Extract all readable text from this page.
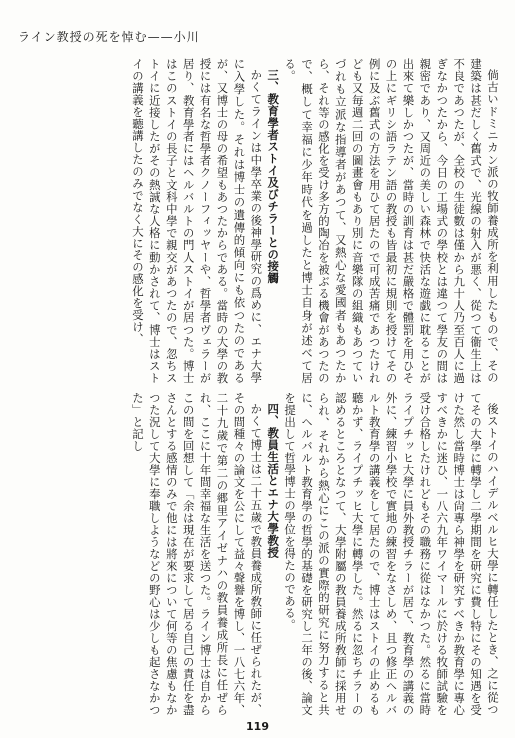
ライン教授の死を悼む——小川

倘古いドミニカン派の牧師養成所を利用したもので、その建築は甚だしく舊式で、光線の射入が悪く、從つて衞生上は不良であつたが、全校の生徒數は僅から九十人乃至百人に過ぎなかつたから、今日の工場式の學校とは違つて學友の間は親密であり、又周近の美しい森林で快活な遊戯に耽ることが出來て樂しかつたが、當時の訓育は甚だ嚴格で體罰を用ひその上にギリシ語ラテン語の教授も皆最初に規則を授けてその例に及ぶ舊式の方法を用ひて居たので可成苦痛であつたけれども又毎週二回の圖畫會もあり別に音樂隊の組織もあつていづれも立派な指導者があつて、又熱心な愛國者もあつたから、それ等の感化を受け多方的陶冶を被ぶる機會があつたので、概して幸福に少年時代を過したと博士自身が述べて居る。

三、教育學者ストイ及びチラーとの接觸

かくてラインは中學卒業の後神學研究の爲めに、エナ大學に入學した。それは博士の遺傳的傾向にも依つたのであるが、又博士の母の希望もあつたからである。當時の大學の教授には有名な哲學者クノーフィッヤーや、哲學者ヴェラーが居り、教育學者にはヘルバルトの門人ストイが居つた。博士はこのストイの長子と文科中學で親交があつたので、忽ちストイに近接したがその熱誠な人格に動かされて、博士はストイの講義を聽講したのみでなく大にその感化を受け、

後ストイのハイデルベルヒ大學に轉任したとき、之に從つてその大學に轉學し二學期間を研究に費し特にその知遇を受けた然し當時博士は尙專ら神學を研究すべきか教育學に專心すべきかに迷ひ、一八六九年ワイマールに於ける牧師試驗を受け合格したけれどもその職務に從はなかつた。然るに當時ライプチッヒ大學に員外教授チラーが居て、教育學の講義の外に、練習小學校で實地の練習をなさしめ、且つ修正ヘルバルト教育學の講義をして居たので、博士はストイの止めるも聽かず、ライプチッヒ大學に轉學した。然るに忽ちチラーの認めるところとなつて、大學附屬の教員養成所敎師に採用せられ、それから熱心にこの派の實際的研究に努力すると共に、ヘルバルト教育學の哲學的基礎を研究し二年の後、論文を提出して哲學博士の學位を得たのである。

四、教員生活とエナ大學教授

かくて博士は二十五歲で教員養成所敎師に任ぜられたが、その間種々の論文を公にして益々聲譽を博し、一八七六年、二十九歲で第二の郷里アイゼナハの教員養成所長に任ぜられ、ここに十年間幸福な生活を送つた。ライン博士は自からこの間を回想して「余は現在が要求して居る自己の責任を盡さんとする感情のみで他には將來について何等の焦慮もなかつた況して大學に奉職しようなどの野心は少しも起さなかつた」と記し

119
